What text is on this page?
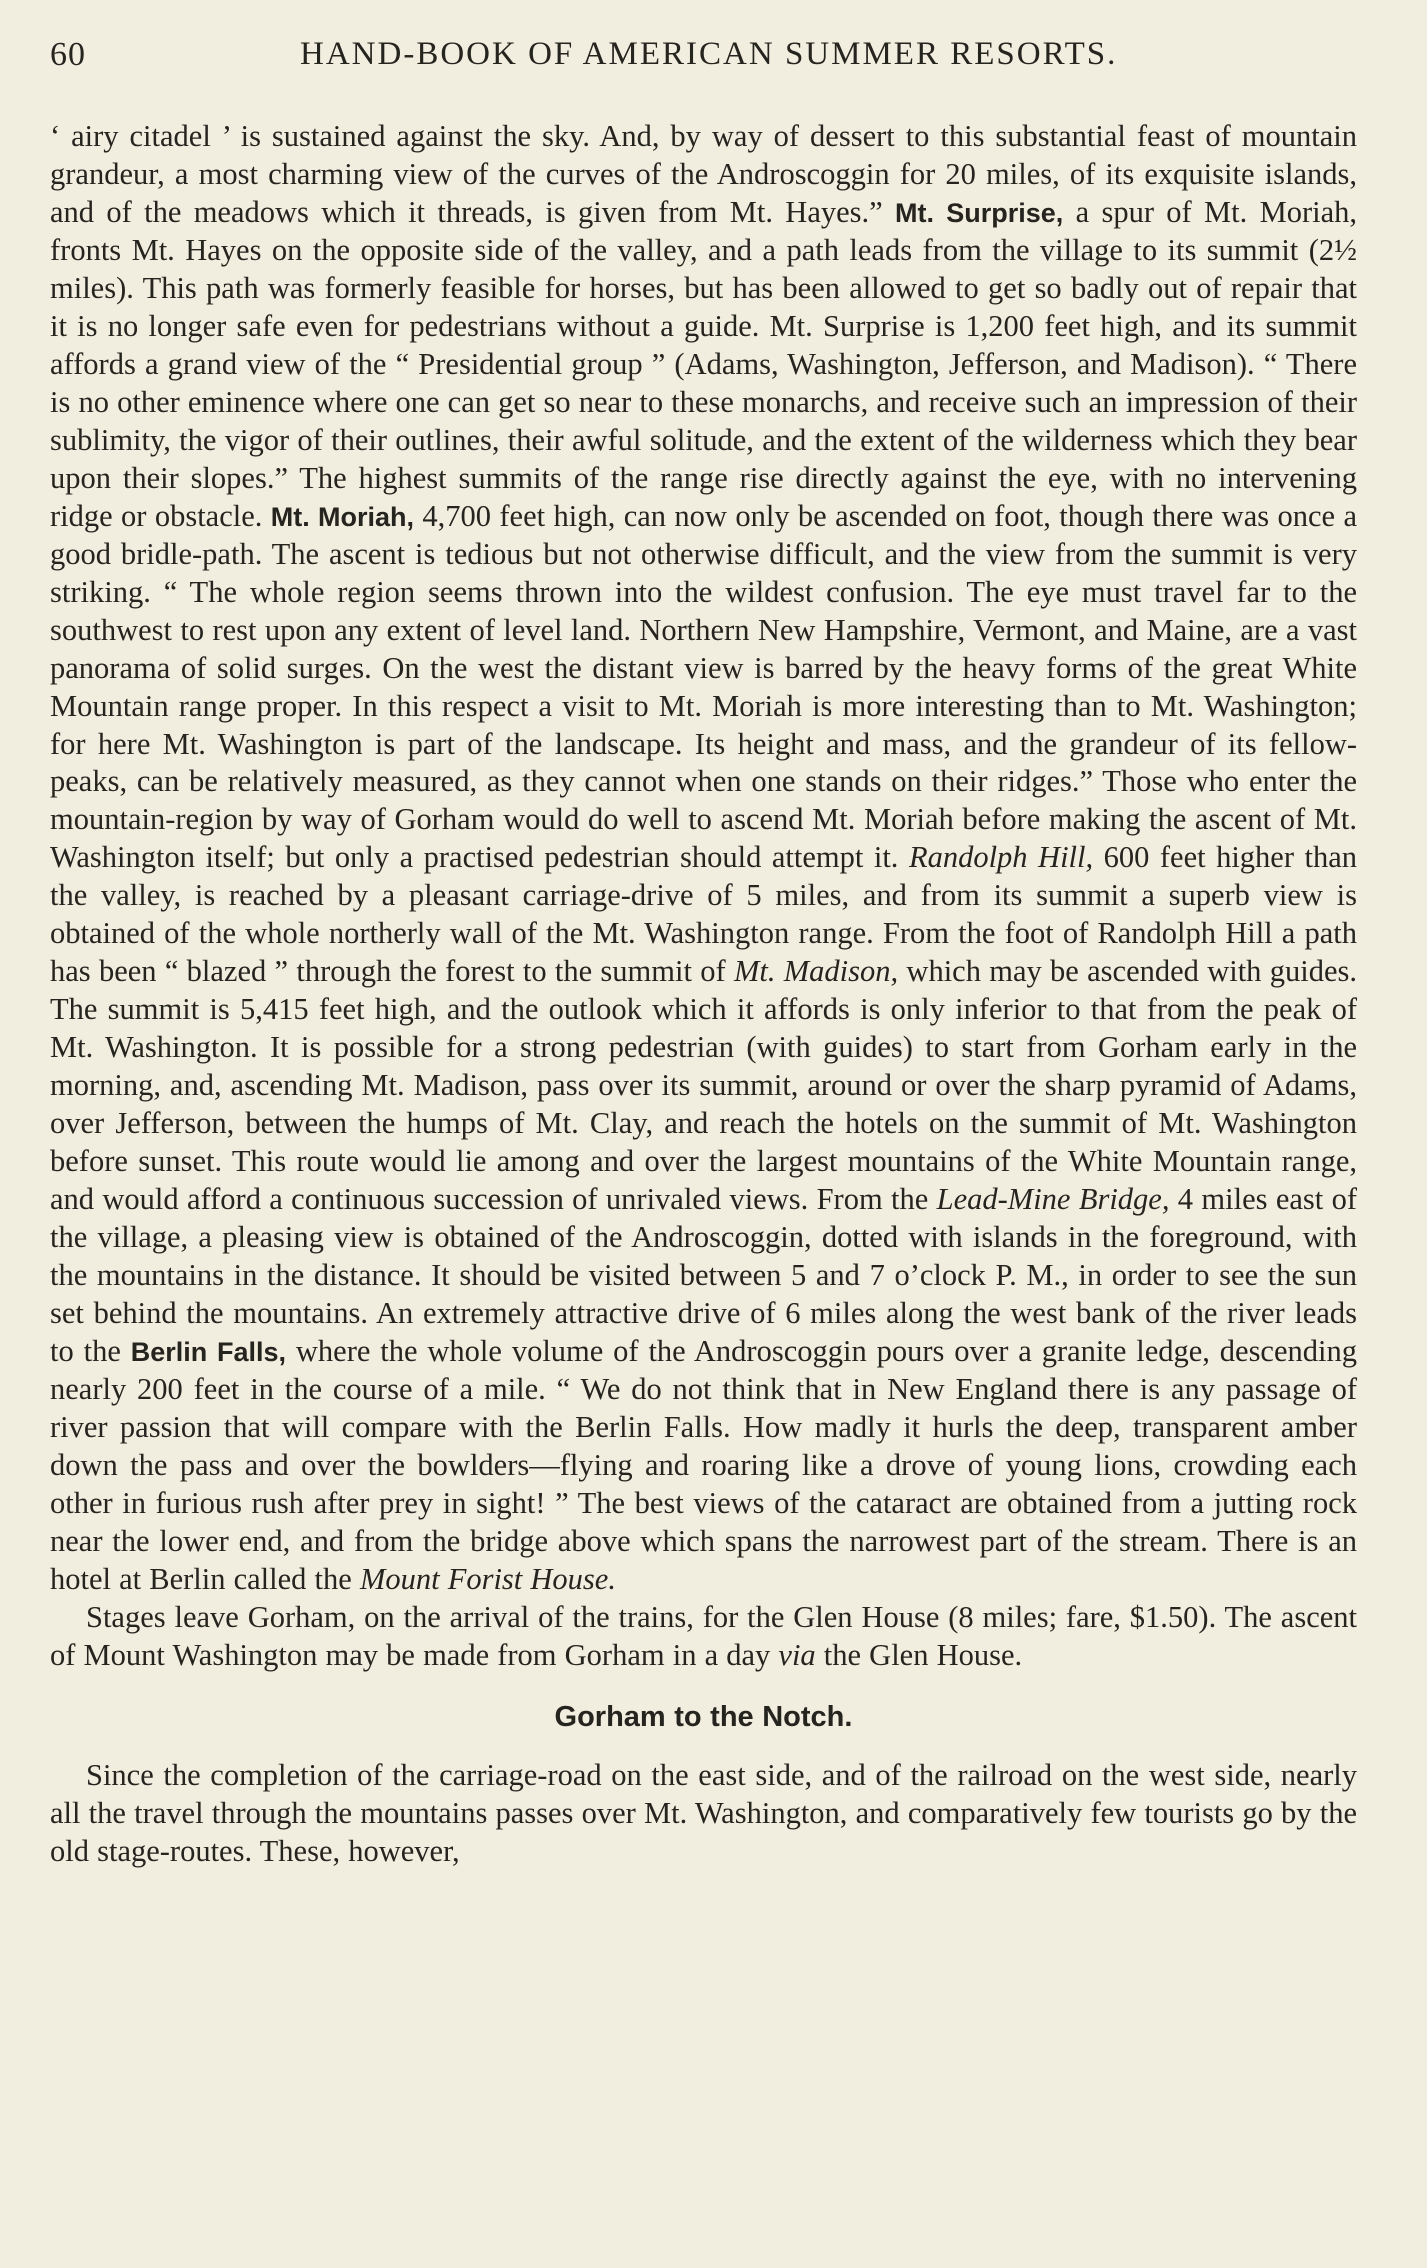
60	HAND-BOOK OF AMERICAN SUMMER RESORTS.

‘ airy citadel ’ is sustained against the sky. And, by way of dessert to this substantial feast of mountain grandeur, a most charming view of the curves of the Androscoggin for 20 miles, of its exquisite islands, and of the meadows which it threads, is given from Mt. Hayes.” Mt. Surprise, a spur of Mt. Moriah, fronts Mt. Hayes on the opposite side of the valley, and a path leads from the village to its summit (2½ miles). This path was formerly feasible for horses, but has been allowed to get so badly out of repair that it is no longer safe even for pedestrians without a guide. Mt. Surprise is 1,200 feet high, and its summit affords a grand view of the “ Presidential group ” (Adams, Washington, Jefferson, and Madison). “ There is no other eminence where one can get so near to these monarchs, and receive such an impression of their sublimity, the vigor of their outlines, their awful solitude, and the extent of the wilderness which they bear upon their slopes.” The highest summits of the range rise directly against the eye, with no intervening ridge or obstacle. Mt. Moriah, 4,700 feet high, can now only be ascended on foot, though there was once a good bridle-path. The ascent is tedious but not otherwise difficult, and the view from the summit is very striking. “ The whole region seems thrown into the wildest confusion. The eye must travel far to the southwest to rest upon any extent of level land. Northern New Hampshire, Vermont, and Maine, are a vast panorama of solid surges. On the west the distant view is barred by the heavy forms of the great White Mountain range proper. In this respect a visit to Mt. Moriah is more interesting than to Mt. Washington; for here Mt. Washington is part of the landscape. Its height and mass, and the grandeur of its fellow-peaks, can be relatively measured, as they cannot when one stands on their ridges.” Those who enter the mountain-region by way of Gorham would do well to ascend Mt. Moriah before making the ascent of Mt. Washington itself; but only a practised pedestrian should attempt it. Randolph Hill, 600 feet higher than the valley, is reached by a pleasant carriage-drive of 5 miles, and from its summit a superb view is obtained of the whole northerly wall of the Mt. Washington range. From the foot of Randolph Hill a path has been “ blazed ” through the forest to the summit of Mt. Madison, which may be ascended with guides. The summit is 5,415 feet high, and the outlook which it affords is only inferior to that from the peak of Mt. Washington. It is possible for a strong pedestrian (with guides) to start from Gorham early in the morning, and, ascending Mt. Madison, pass over its summit, around or over the sharp pyramid of Adams, over Jefferson, between the humps of Mt. Clay, and reach the hotels on the summit of Mt. Washington before sunset. This route would lie among and over the largest mountains of the White Mountain range, and would afford a continuous succession of unrivaled views. From the Lead-Mine Bridge, 4 miles east of the village, a pleasing view is obtained of the Androscoggin, dotted with islands in the foreground, with the mountains in the distance. It should be visited between 5 and 7 o’clock P. M., in order to see the sun set behind the mountains. An extremely attractive drive of 6 miles along the west bank of the river leads to the Berlin Falls, where the whole volume of the Androscoggin pours over a granite ledge, descending nearly 200 feet in the course of a mile. “ We do not think that in New England there is any passage of river passion that will compare with the Berlin Falls. How madly it hurls the deep, transparent amber down the pass and over the bowlders—flying and roaring like a drove of young lions, crowding each other in furious rush after prey in sight! ” The best views of the cataract are obtained from a jutting rock near the lower end, and from the bridge above which spans the narrowest part of the stream. There is an hotel at Berlin called the Mount Forist House.

Stages leave Gorham, on the arrival of the trains, for the Glen House (8 miles; fare, $1.50). The ascent of Mount Washington may be made from Gorham in a day via the Glen House.

Gorham to the Notch.

Since the completion of the carriage-road on the east side, and of the railroad on the west side, nearly all the travel through the mountains passes over Mt. Washington, and comparatively few tourists go by the old stage-routes. These, however,
